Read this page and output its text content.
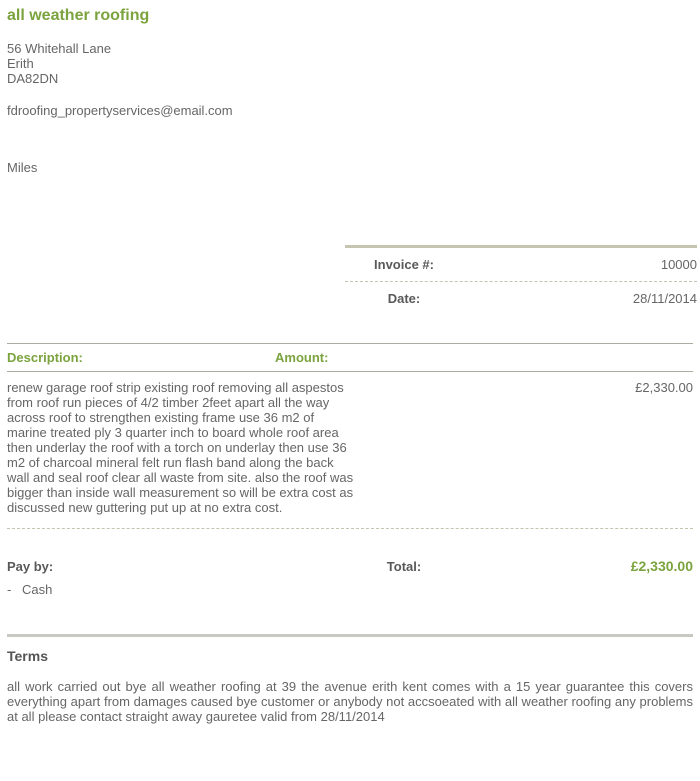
all weather roofing
56 Whitehall Lane
Erith
DA82DN
fdroofing_propertyservices@email.com
Miles
Invoice #:	10000
Date:	28/11/2014
Description:	Amount:
renew garage roof strip existing roof removing all aspestos from roof run pieces of 4/2 timber 2feet apart all the way across roof to strengthen existing frame use 36 m2 of marine treated ply 3 quarter inch to board whole roof area then underlay the roof with a torch on underlay then use 36 m2 of charcoal mineral felt run flash band along the back wall and seal roof clear all waste from site. also the roof was bigger than inside wall measurement so will be extra cost as discussed new guttering put up at no extra cost.
£2,330.00
Pay by:
- Cash
Total:	£2,330.00
Terms
all work carried out bye all weather roofing at 39 the avenue erith kent comes with a 15 year guarantee this covers everything apart from damages caused bye customer or anybody not accsoeated with all weather roofing any problems at all please contact straight away gauretee valid from 28/11/2014
